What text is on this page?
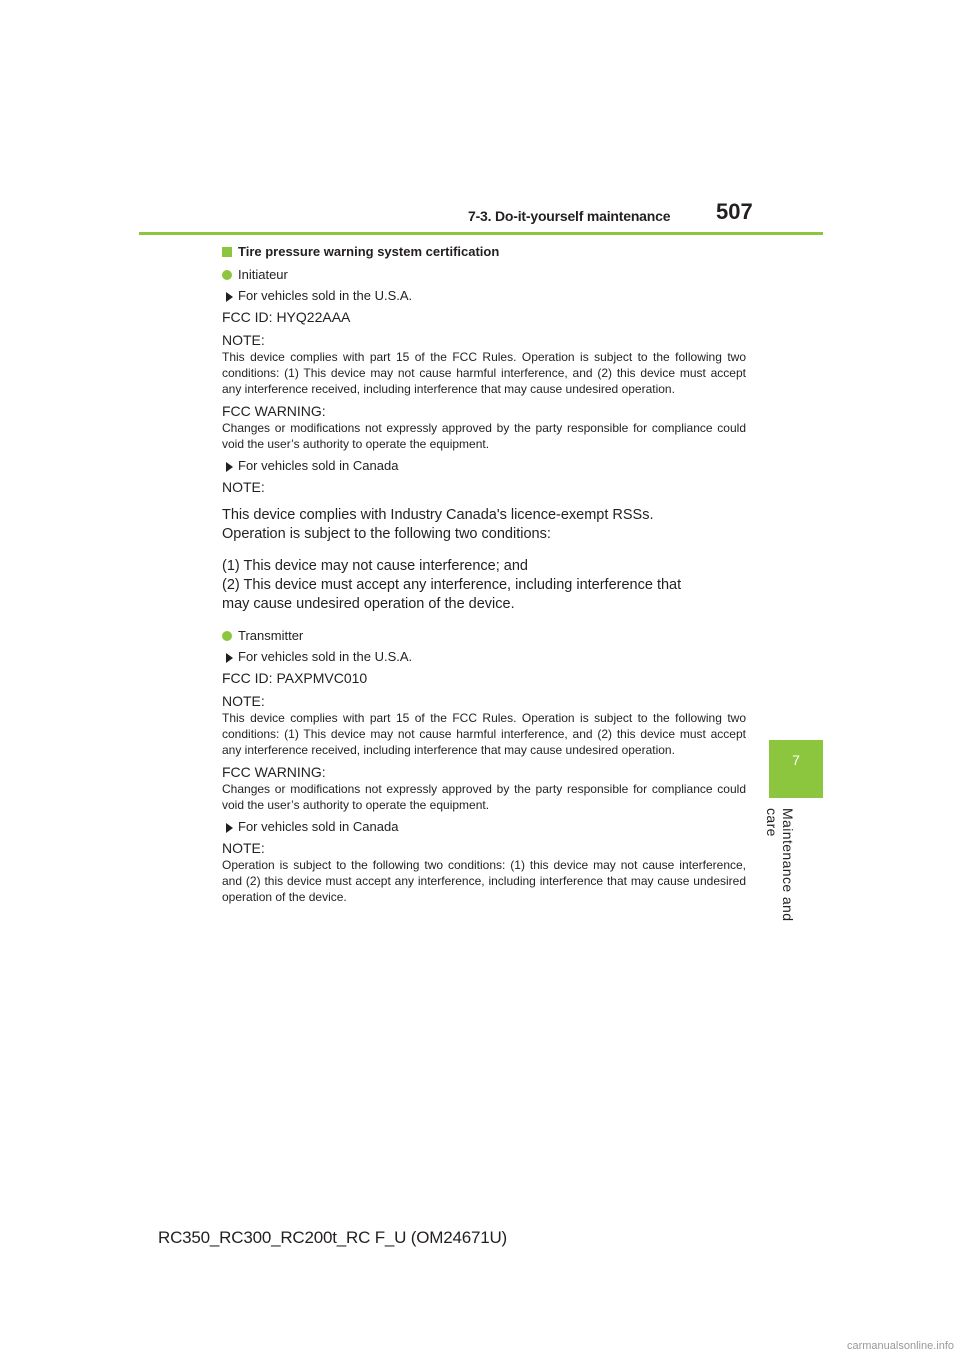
7-3. Do-it-yourself maintenance 507
7
Maintenance and care
Tire pressure warning system certification
Initiateur
For vehicles sold in the U.S.A.
FCC ID: HYQ22AAA
NOTE:
This device complies with part 15 of the FCC Rules. Operation is subject to the following two conditions: (1) This device may not cause harmful interference, and (2) this device must accept any interference received, including interference that may cause undesired operation.
FCC WARNING:
Changes or modifications not expressly approved by the party responsible for compliance could void the user’s authority to operate the equipment.
For vehicles sold in Canada
NOTE:

This device complies with Industry Canada's licence-exempt RSSs.

Operation is subject to the following two conditions:

(1) This device may not cause interference; and

(2) This device must accept any interference, including interference that

may cause undesired operation of the device.

Transmitter
For vehicles sold in the U.S.A.
FCC ID: PAXPMVC010
NOTE:
This device complies with part 15 of the FCC Rules. Operation is subject to the following two conditions: (1) This device may not cause harmful interference, and (2) this device must accept any interference received, including interference that may cause undesired operation.
FCC WARNING:
Changes or modifications not expressly approved by the party responsible for compliance could void the user’s authority to operate the equipment.
For vehicles sold in Canada
NOTE:
Operation is subject to the following two conditions: (1) this device may not cause interference, and (2) this device must accept any interference, including interference that may cause undesired operation of the device.
RC350_RC300_RC200t_RC F_U (OM24671U)
carmanualsonline.info
